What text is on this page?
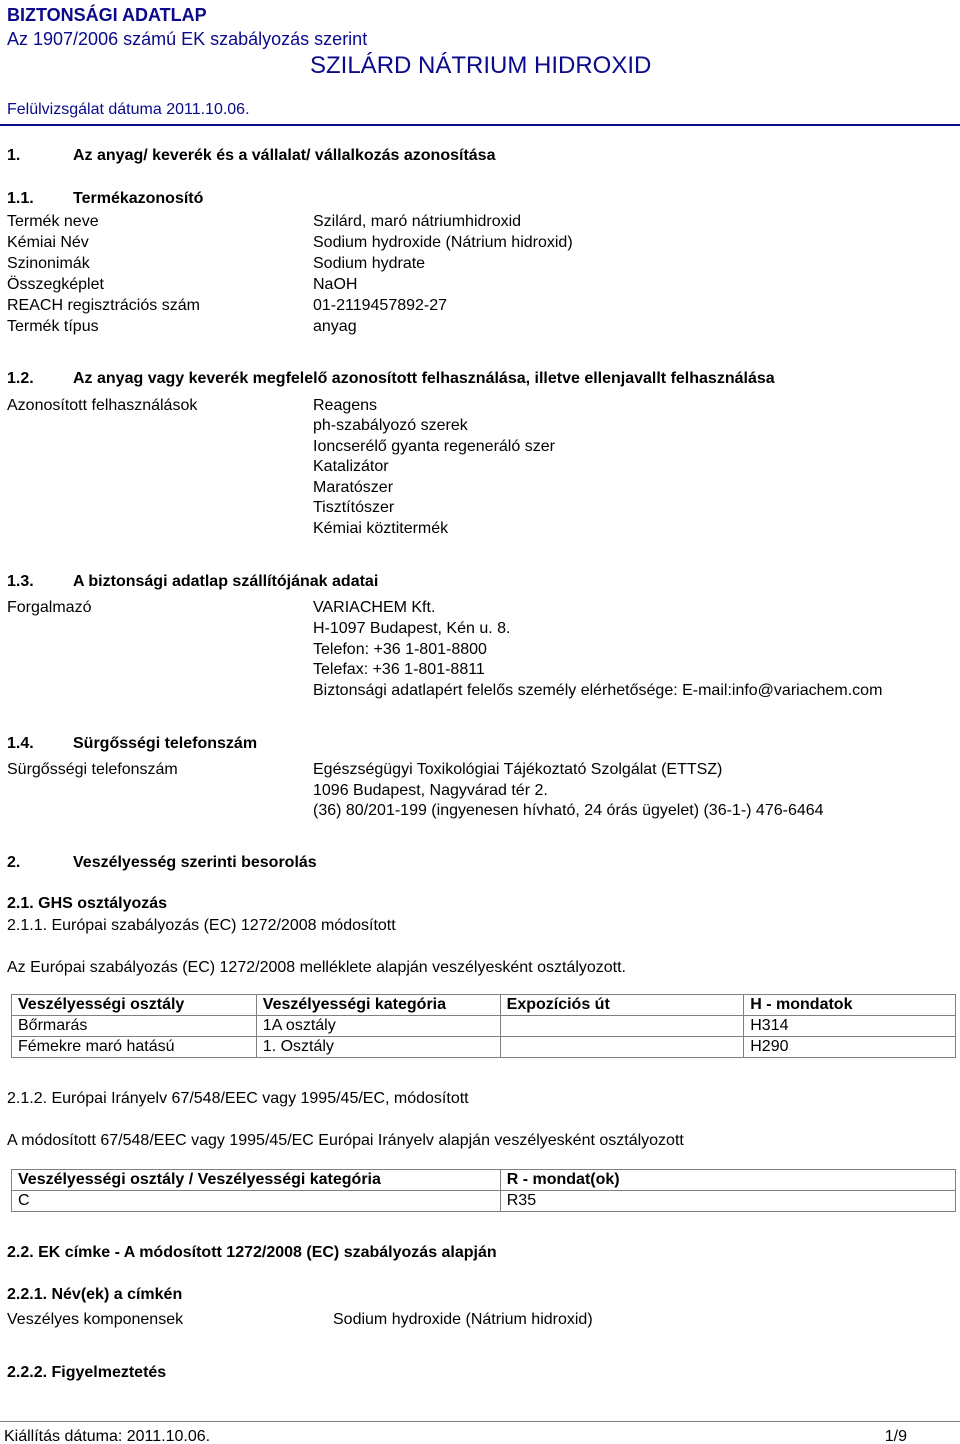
BIZTONSÁGI ADATLAP
Az 1907/2006 számú EK szabályozás szerint
SZILÁRD NÁTRIUM HIDROXID
Felülvizsgálat dátuma 2011.10.06.
1.	Az anyag/ keverék és a vállalat/ vállalkozás azonosítása
1.1. Termékazonosító
Termék neve	Szilárd, maró nátriumhidroxid
Kémiai Név	Sodium hydroxide (Nátrium hidroxid)
Szinonimák	Sodium hydrate
Összegképlet	NaOH
REACH regisztrációs szám	01-2119457892-27
Termék típus	anyag
1.2. Az anyag vagy keverék megfelelő azonosított felhasználása, illetve ellenjavallt felhasználása
Azonosított felhasználások	Reagens
ph-szabályozó szerek
Ioncserélő gyanta regeneráló szer
Katalizátor
Maratószer
Tisztítószer
Kémiai köztitermék
1.3. A biztonsági adatlap szállítójának adatai
Forgalmazó	VARIACHEM Kft.
H-1097 Budapest, Kén u. 8.
Telefon: +36 1-801-8800
Telefax: +36 1-801-8811
Biztonsági adatlapért felelős személy elérhetősége: E-mail:info@variachem.com
1.4. Sürgősségi telefonszám
Sürgősségi telefonszám	Egészségügyi Toxikológiai Tájékoztató Szolgálat (ETTSZ)
1096 Budapest, Nagyvárad tér 2.
(36) 80/201-199 (ingyenesen hívható, 24 órás ügyelet) (36-1-) 476-6464
2.	Veszélyesség szerinti besorolás
2.1. GHS osztályozás
2.1.1. Európai szabályozás (EC) 1272/2008 módosított
Az Európai szabályozás (EC) 1272/2008 melléklete alapján veszélyesként osztályozott.
Veszélyességi osztály	Veszélyességi kategória	Expozíciós út	H - mondatok
Bőrmarás	1A osztály		H314
Fémekre maró hatású	1. Osztály		H290
2.1.2. Európai Irányelv 67/548/EEC vagy 1995/45/EC, módosított
A módosított 67/548/EEC vagy 1995/45/EC Európai Irányelv alapján veszélyesként osztályozott
Veszélyességi osztály / Veszélyességi kategória	R - mondat(ok)
C	R35
2.2. EK címke - A módosított 1272/2008 (EC) szabályozás alapján
2.2.1. Név(ek) a címkén
Veszélyes komponensek	Sodium hydroxide (Nátrium hidroxid)
2.2.2. Figyelmeztetés
Kiállítás dátuma: 2011.10.06.	1/9
